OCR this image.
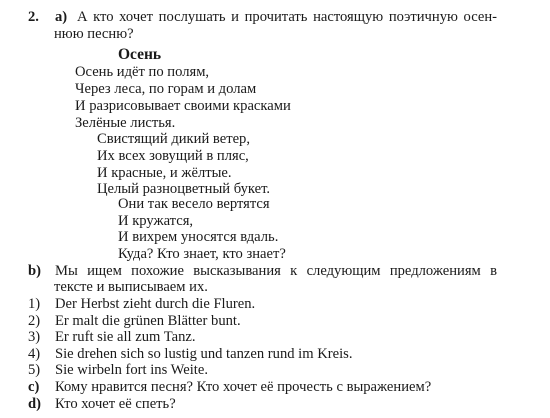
2. а) А кто хочет послушать и прочитать настоящую поэтичную осен-
нюю песню?
Осень
Осень идёт по полям,
Через леса, по горам и долам
И разрисовывает своими красками
Зелёные листья.
Свистящий дикий ветер,
Их всех зовущий в пляс,
И красные, и жёлтые.
Целый разноцветный букет.
Они так весело вертятся
И кружатся,
И вихрем уносятся вдаль.
Куда? Кто знает, кто знает?
b) Мы ищем похожие высказывания к следующим предложениям в
тексте и выписываем их.
1) Der Herbst zieht durch die Fluren.
2) Er malt die grünen Blätter bunt.
3) Er ruft sie all zum Tanz.
4) Sie drehen sich so lustig und tanzen rund im Kreis.
5) Sie wirbeln fort ins Weite.
с) Кому нравится песня? Кто хочет её прочесть с выражением?
d) Кто хочет её спеть?
